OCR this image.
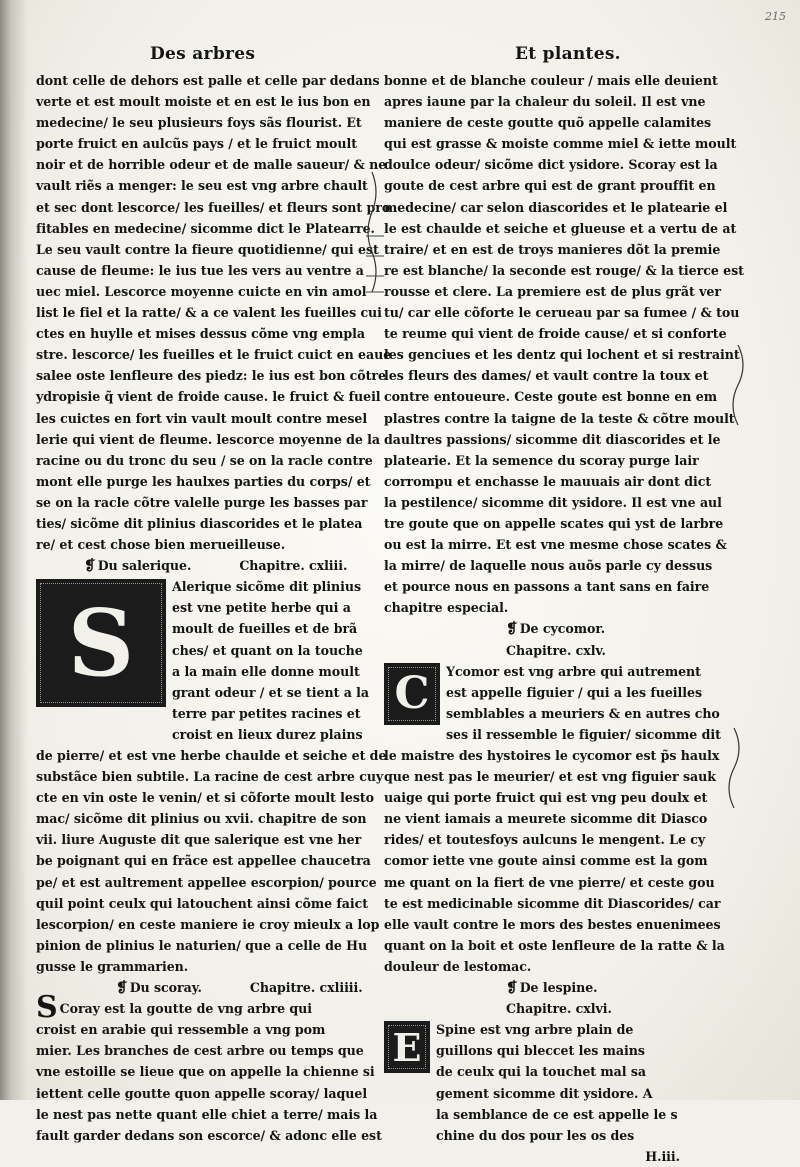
215
Des arbres	Et plantes.
dont celle de dehors est palle et celle par dedans
verte et est moult moiste et en est le ius bon en
medecine/ le seu plusieurs foys sãs flourist. Et
porte fruict en aulcũs pays / et le fruict moult
noir et de horrible odeur et de malle saueur/ & ne
vault riẽs a menger: le seu est vng arbre chault
et sec dont lescorce/ les fueilles/ et fleurs sont pro
fitables en medecine/ sicomme dict le Platearre.
Le seu vault contre la fieure quotidienne/ qui est
cause de fleume: le ius tue les vers au ventre a
uec miel. Lescorce moyenne cuicte en vin amol
list le fiel et la ratte/ & a ce valent les fueilles cui
ctes en huylle et mises dessus cõme vng empla
stre. lescorce/ les fueilles et le fruict cuict en eaue
salee oste lenfleure des piedz: le ius est bon cõtre
ydropisie q̃ vient de froide cause. le fruict & fueil
les cuictes en fort vin vault moult contre mesel
lerie qui vient de fleume. lescorce moyenne de la
racine ou du tronc du seu / se on la racle contre
mont elle purge les haulxes parties du corps/ et
se on la racle cõtre valelle purge les basses par
ties/ sicõme dit plinius diascorides et le platea
re/ et cest chose bien merueilleuse.
❡ Du salerique.	Chapitre. cxliii.
S
Alerique sicõme dit plinius
est vne petite herbe qui a
moult de fueilles et de brã
ches/ et quant on la touche
a la main elle donne moult
grant odeur / et se tient a la
terre par petites racines et
croist en lieux durez plains
de pierre/ et est vne herbe chaulde et seiche et de
substãce bien subtile. La racine de cest arbre cuy
cte en vin oste le venin/ et si cõforte moult lesto
mac/ sicõme dit plinius ou xvii. chapitre de son
vii. liure Auguste dit que salerique est vne her
be poignant qui en frãce est appellee chaucetra
pe/ et est aultrement appellee escorpion/ pource
quil point ceulx qui latouchent ainsi cõme faict
lescorpion/ en ceste maniere ie croy mieulx a lop
pinion de plinius le naturien/ que a celle de Hu
gusse le grammarien.
❡ Du scoray.	Chapitre. cxliiii.
S Coray est la goutte de vng arbre qui
croist en arabie qui ressemble a vng pom
mier. Les branches de cest arbre ou temps que
vne estoille se lieue que on appelle la chienne si
iettent celle goutte quon appelle scoray/ laquel
le nest pas nette quant elle chiet a terre/ mais la
fault garder dedans son escorce/ & adonc elle est
bonne et de blanche couleur / mais elle deuient
apres iaune par la chaleur du soleil. Il est vne
maniere de ceste goutte quõ appelle calamites
qui est grasse & moiste comme miel & iette moult
doulce odeur/ sicõme dict ysidore. Scoray est la
goute de cest arbre qui est de grant prouffit en
medecine/ car selon diascorides et le platearie el
le est chaulde et seiche et glueuse et a vertu de at
traire/ et en est de troys manieres dõt la premie
re est blanche/ la seconde est rouge/ & la tierce est
rousse et clere. La premiere est de plus grãt ver
tu/ car elle cõforte le cerueau par sa fumee / & tou
te reume qui vient de froide cause/ et si conforte
les genciues et les dentz qui lochent et si restraint
les fleurs des dames/ et vault contre la toux et
contre entoueure. Ceste goute est bonne en em
plastres contre la taigne de la teste & cõtre moult
daultres passions/ sicomme dit diascorides et le
platearie. Et la semence du scoray purge lair
corrompu et enchasse le mauuais air dont dict
la pestilence/ sicomme dit ysidore. Il est vne aul
tre goute que on appelle scates qui yst de larbre
ou est la mirre. Et est vne mesme chose scates &
la mirre/ de laquelle nous auõs parle cy dessus
et pource nous en passons a tant sans en faire
chapitre especial.
❡ De cycomor.
Chapitre. cxlv.
C Ycomor est vng arbre qui autrement
est appelle figuier / qui a les fueilles
semblables a meuriers & en autres cho
ses il ressemble le figuier/ sicomme dit
le maistre des hystoires le cycomor est p̃s haulx
que nest pas le meurier/ et est vng figuier sauk
uaige qui porte fruict qui est vng peu doulx et
ne vient iamais a meurete sicomme dit Diasco
rides/ et toutesfoys aulcuns le mengent. Le cy
comor iette vne goute ainsi comme est la gom
me quant on la fiert de vne pierre/ et ceste gou
te est medicinable sicomme dit Diascorides/ car
elle vault contre le mors des bestes enuenimees
quant on la boit et oste lenfleure de la ratte & la
douleur de lestomac.
❡ De lespine.
Chapitre. cxlvi.
E Spine est vng arbre plain de
guillons qui bleccet les mains
de ceulx qui la touchet mal sa
gement sicomme dit ysidore. A
la semblance de ce est appelle le s
chine du dos pour les os des
H.iii.
